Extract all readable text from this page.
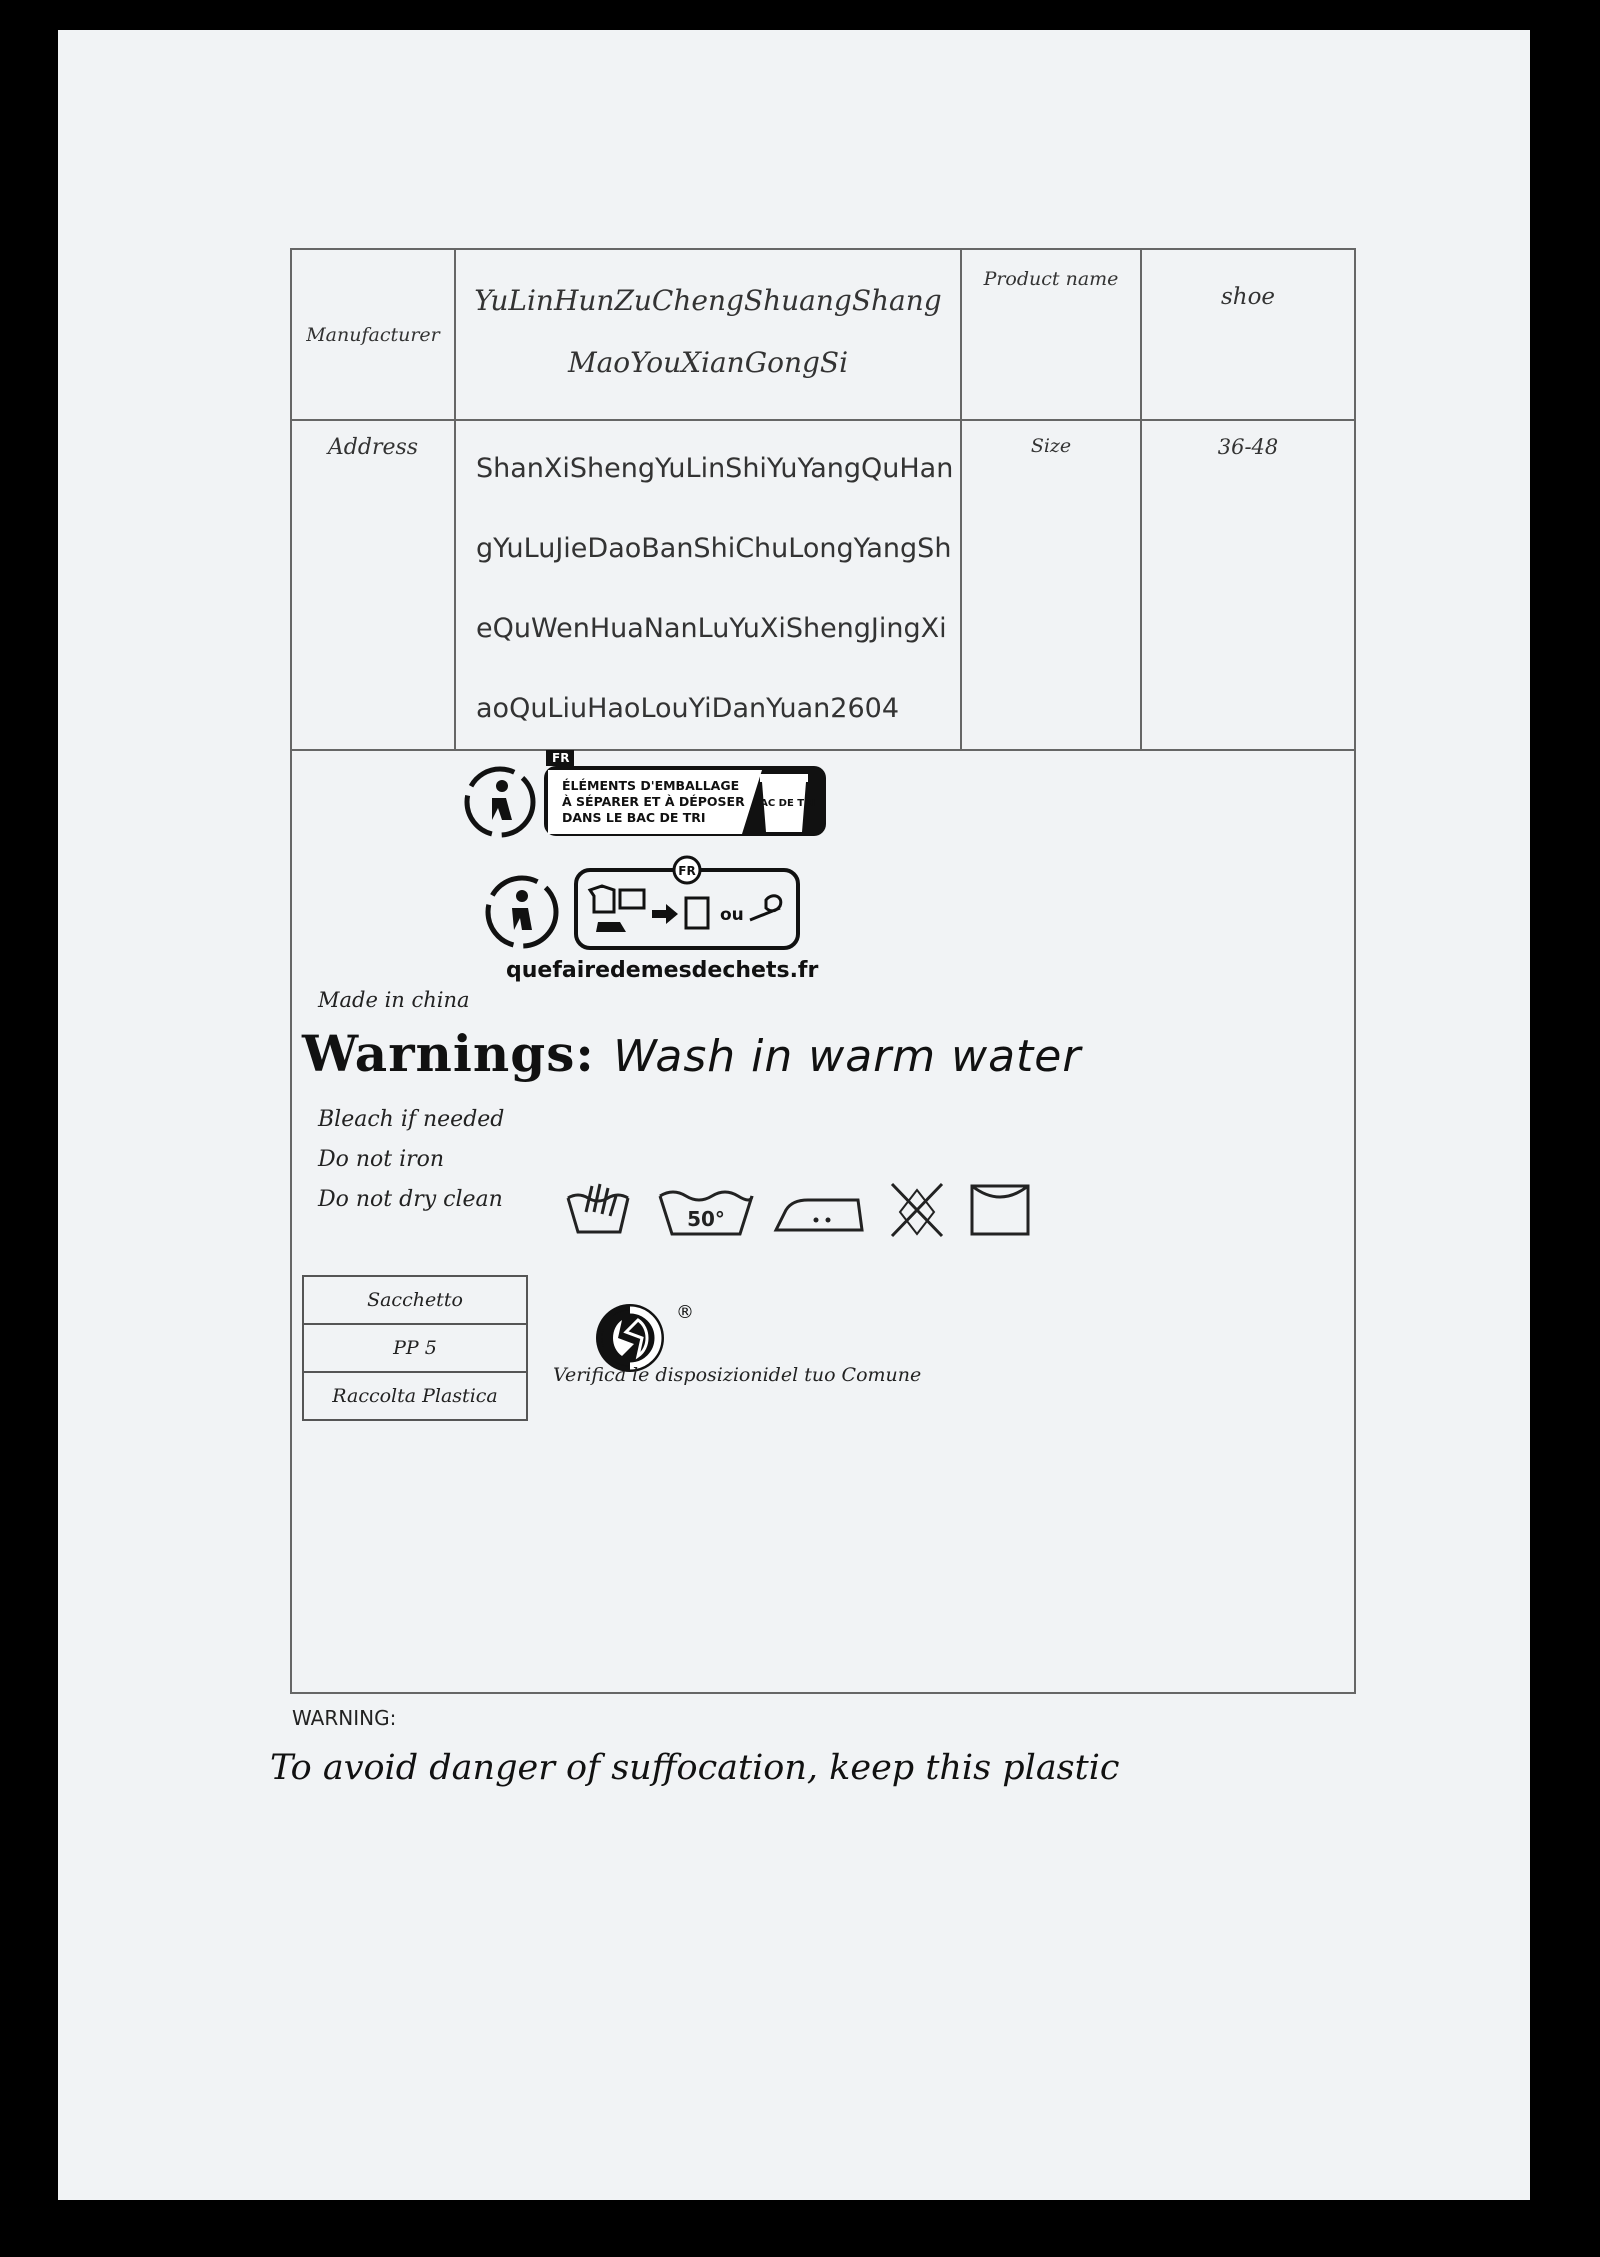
Manufacturer	YuLinHunZuChengShuangShangMaoYouXianGongSi	Product name	shoe
Address	ShanXiShengYuLinShiYuYangQuHangYuLuJieDaoBanShiChuLongYangSheQuWenHuaNanLuYuXiShengJingXiaoQuLiuHaoLouYiDanYuan2604	Size	36-48
FR
ÉLÉMENTS D'EMBALLAGE
À SÉPARER ET À DÉPOSER
DANS LE BAC DE TRI
BAC DE TRI
FR
ou
quefairedemesdechets.fr
Made in china
Warnings: Wash in warm water
Bleach if needed
Do not iron
Do not dry clean
50°
Sacchetto
PP 5
Raccolta Plastica
®
Verifica le disposizionidel tuo Comune
WARNING:
To avoid danger of suffocation, keep this plastic
